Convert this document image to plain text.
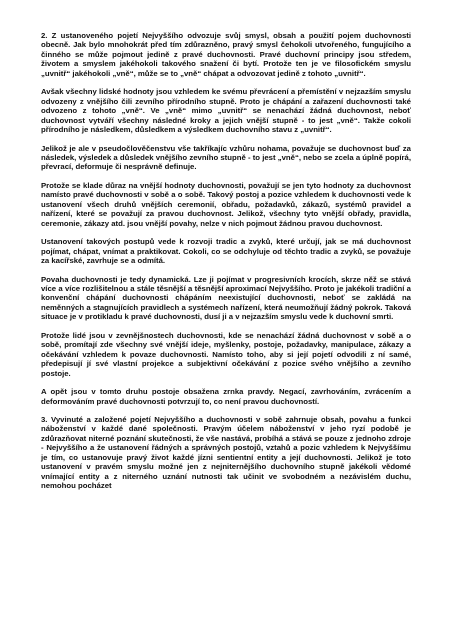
2. Z ustanoveného pojetí Nejvyššího odvozuje svůj smysl, obsah a použití pojem duchovnosti obecně. Jak bylo mnohokrát před tím zdůrazněno, pravý smysl čehokoli utvořeného, fungujícího a činného se může pojmout jedině z pravé duchovnosti. Pravé duchovní principy jsou středem, životem a smyslem jakéhokoli takového snažení či bytí. Protože ten je ve filosofickém smyslu „uvnitř“ jakéhokoli „vně“, může se to „vně“ chápat a odvozovat jedině z tohoto „uvnitř“.

Avšak všechny lidské hodnoty jsou vzhledem ke svému převrácení a přemístění v nejzazším smyslu odvozeny z vnějšího čili zevního přírodního stupně. Proto je chápání a zařazení duchovnosti také odvozeno z tohoto „vně“. Ve „vně“ mimo „uvnitř“ se nenachází žádná duchovnost, neboť duchovnost vytváří všechny následné kroky a jejich vnější stupně - to jest „vně“. Takže cokoli přírodního je následkem, důsledkem a výsledkem duchovního stavu z „uvnitř“.

Jelikož je ale v pseudočlověčenstvu vše takříkajíc vzhůru nohama, považuje se duchovnost buď za následek, výsledek a důsledek vnějšího zevního stupně - to jest „vně“, nebo se zcela a úplně popírá, převrací, deformuje či nesprávně definuje.

Protože se klade důraz na vnější hodnoty duchovnosti, považují se jen tyto hodnoty za duchovnost namísto pravé duchovnosti v sobě a o sobě. Takový postoj a pozice vzhledem k duchovnosti vede k ustanovení všech druhů vnějších ceremonií, obřadu, požadavků, zákazů, systémů pravidel a nařízení, které se považují za pravou duchovnost. Jelikož, všechny tyto vnější obřady, pravidla, ceremonie, zákazy atd. jsou vnější povahy, nelze v nich pojmout žádnou pravou duchovnost.

Ustanovení takových postupů vede k rozvoji tradic a zvyků, které určují, jak se má duchovnost pojímat, chápat, vnímat a praktikovat. Cokoli, co se odchyluje od těchto tradic a zvyků, se považuje za kacířské, zavrhuje se a odmítá.

Povaha duchovnosti je tedy dynamická. Lze ji pojímat v progresivních krocích, skrze něž se stává více a více rozlišitelnou a stále těsnější a těsnější aproximací Nejvyššího. Proto je jakékoli tradiční a konvenční chápání duchovnosti chápáním neexistující duchovnosti, neboť se zakládá na neměnných a stagnujících pravidlech a systémech nařízení, která neumožňují žádný pokrok. Taková situace je v protikladu k pravé duchovnosti, dusí ji a v nejzazším smyslu vede k duchovní smrti.

Protože lidé jsou v zevnějšnostech duchovnosti, kde se nenachází žádná duchovnost v sobě a o sobě, promítají zde všechny své vnější ideje, myšlenky, postoje, požadavky, manipulace, zákazy a očekávání vzhledem k povaze duchovnosti. Namísto toho, aby si její pojetí odvodili z ní samé, předepisují jí své vlastní projekce a subjektivní očekávání z pozice svého vnějšího a zevního postoje.

A opět jsou v tomto druhu postoje obsažena zrnka pravdy. Negací, zavrhováním, zvrácením a deformováním pravé duchovnosti potvrzují to, co není pravou duchovností.

3. Vyvinuté a založené pojetí Nejvyššího a duchovnosti v sobě zahrnuje obsah, povahu a funkci náboženství v každé dané společnosti. Pravým účelem náboženství v jeho ryzí podobě je zdůrazňovat niterné poznání skutečnosti, že vše nastává, probíhá a stává se pouze z jednoho zdroje - Nejvyššího a že ustanovení řádných a správných postojů, vztahů a pozic vzhledem k Nejvyššímu je tím, co ustanovuje pravý život každé jízni sentientní entity a její duchovnosti. Jelikož je toto ustanovení v pravém smyslu možné jen z nejniternějšího duchovního stupně jakékoli vědomé vnímající entity a z niterného uznání nutnosti tak učinit ve svobodném a nezávislém duchu, nemohou pocházet
